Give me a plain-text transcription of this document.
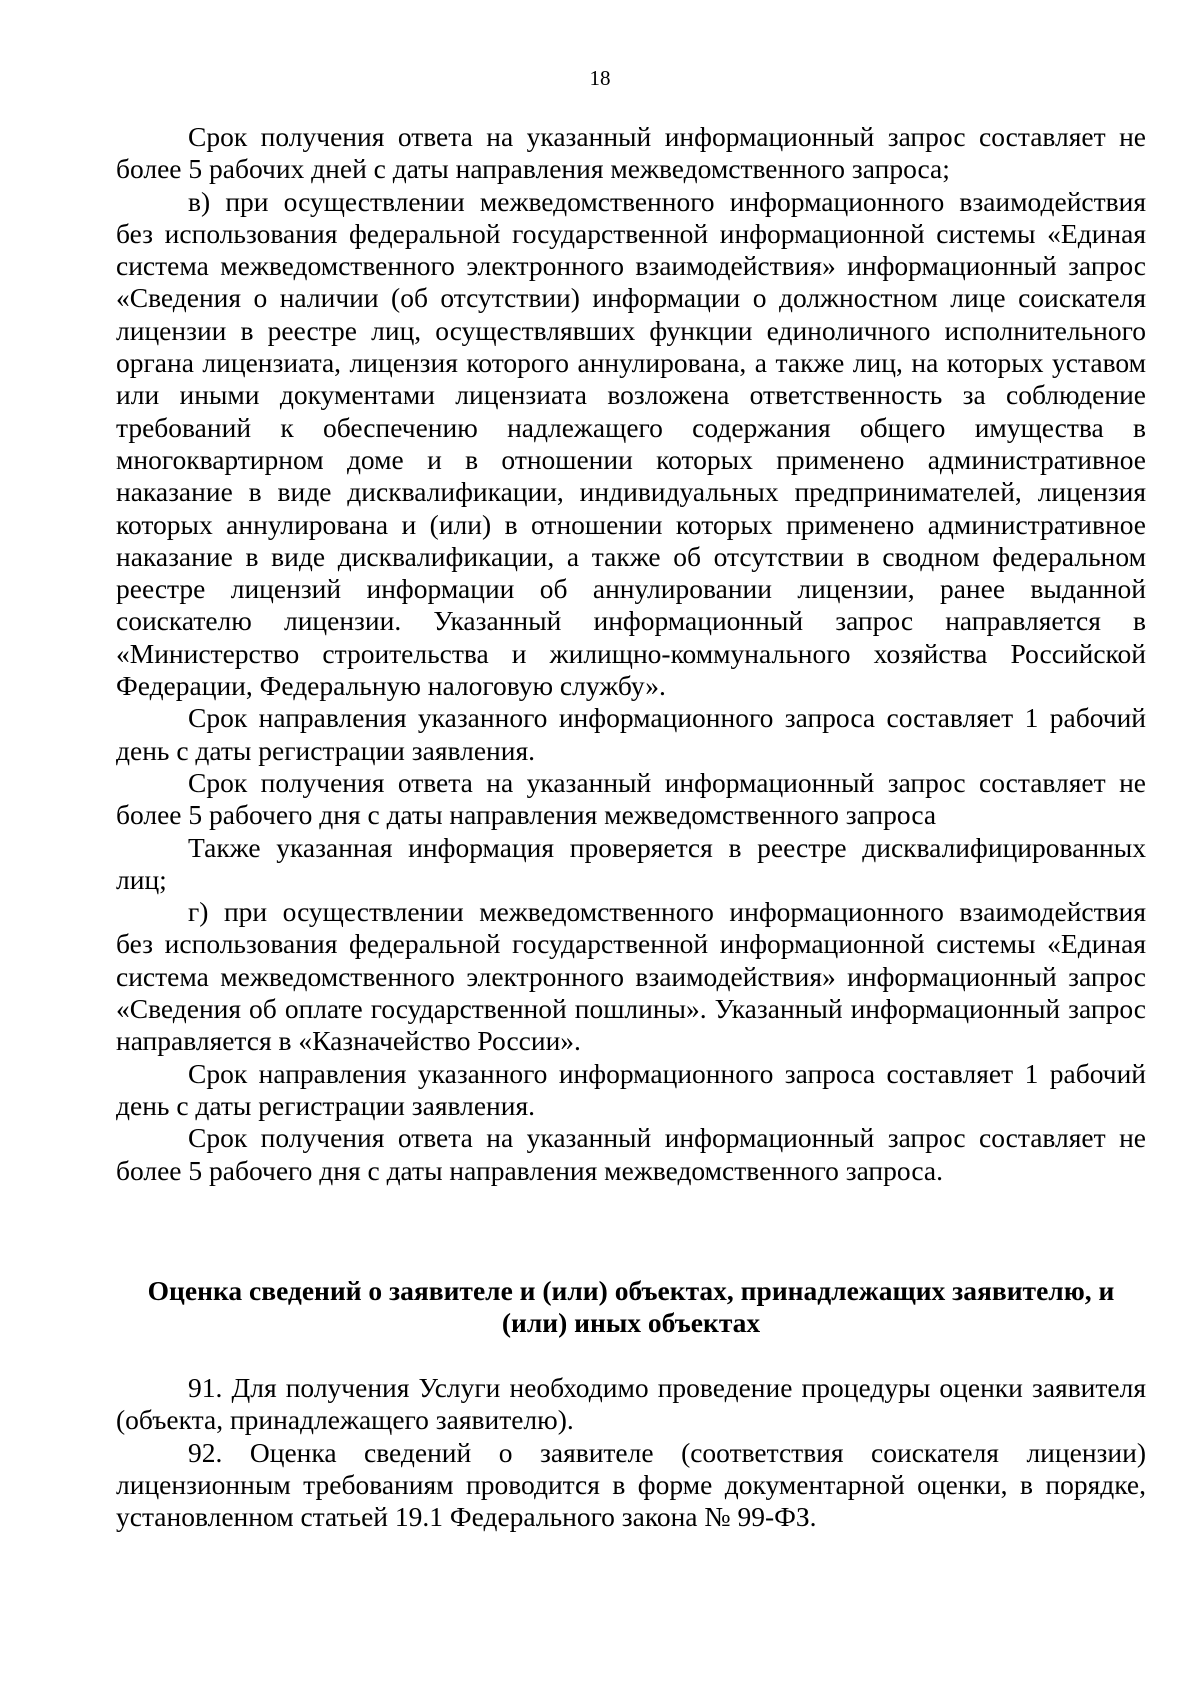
18

Срок получения ответа на указанный информационный запрос составляет не более 5 рабочих дней с даты направления межведомственного запроса;

в) при осуществлении межведомственного информационного взаимодействия без использования федеральной государственной информационной системы «Единая система межведомственного электронного взаимодействия» информационный запрос «Сведения о наличии (об отсутствии) информации о должностном лице соискателя лицензии в реестре лиц, осуществлявших функции единоличного исполнительного органа лицензиата, лицензия которого аннулирована, а также лиц, на которых уставом или иными документами лицензиата возложена ответственность за соблюдение требований к обеспечению надлежащего содержания общего имущества в многоквартирном доме и в отношении которых применено административное наказание в виде дисквалификации, индивидуальных предпринимателей, лицензия которых аннулирована и (или) в отношении которых применено административное наказание в виде дисквалификации, а также об отсутствии в сводном федеральном реестре лицензий информации об аннулировании лицензии, ранее выданной соискателю лицензии. Указанный информационный запрос направляется в «Министерство строительства и жилищно-коммунального хозяйства Российской Федерации, Федеральную налоговую службу».

Срок направления указанного информационного запроса составляет 1 рабочий день с даты регистрации заявления.

Срок получения ответа на указанный информационный запрос составляет не более 5 рабочего дня с даты направления межведомственного запроса

Также указанная информация проверяется в реестре дисквалифицированных лиц;

г) при осуществлении межведомственного информационного взаимодействия без использования федеральной государственной информационной системы «Единая система межведомственного электронного взаимодействия» информационный запрос «Сведения об оплате государственной пошлины». Указанный информационный запрос направляется в «Казначейство России».

Срок направления указанного информационного запроса составляет 1 рабочий день с даты регистрации заявления.

Срок получения ответа на указанный информационный запрос составляет не более 5 рабочего дня с даты направления межведомственного запроса.

Оценка сведений о заявителе и (или) объектах, принадлежащих заявителю, и (или) иных объектах

91. Для получения Услуги необходимо проведение процедуры оценки заявителя (объекта, принадлежащего заявителю).

92. Оценка сведений о заявителе (соответствия соискателя лицензии) лицензионным требованиям проводится в форме документарной оценки, в порядке, установленном статьей 19.1 Федерального закона № 99-ФЗ.
